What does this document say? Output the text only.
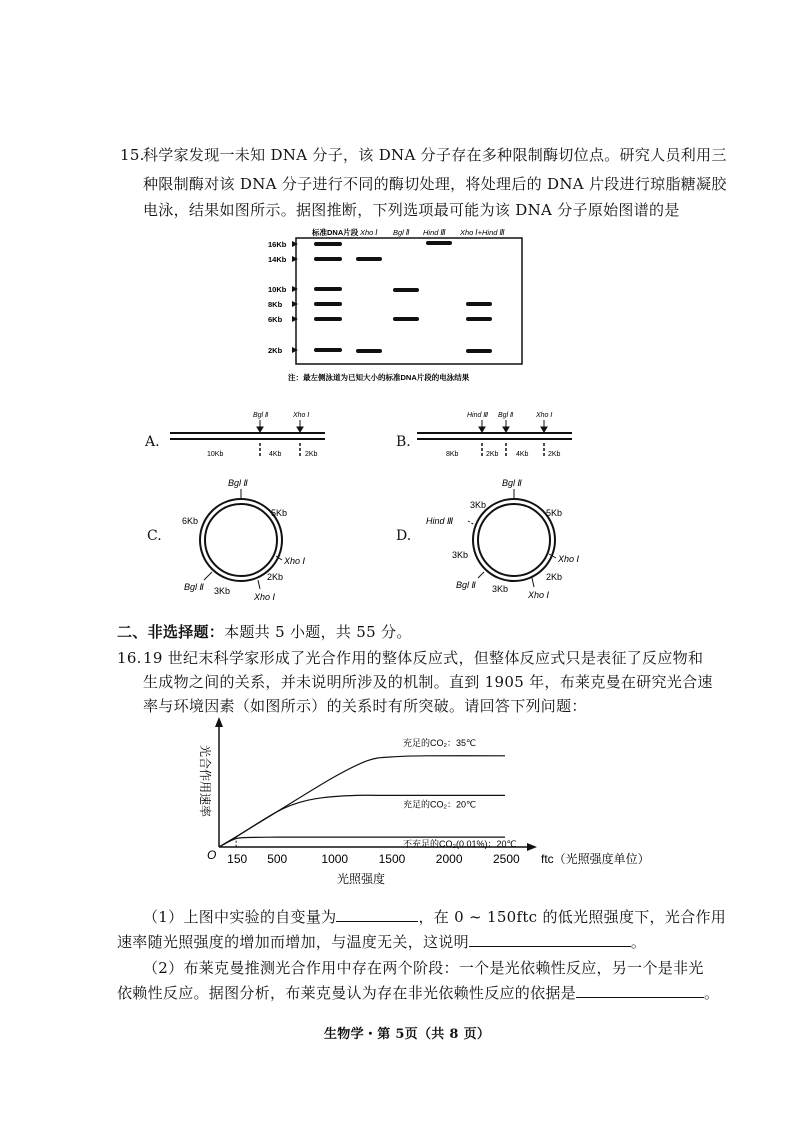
15.
科学家发现一未知 DNA 分子，该 DNA 分子存在多种限制酶切位点。研究人员利用三
种限制酶对该 DNA 分子进行不同的酶切处理，将处理后的 DNA 片段进行琼脂糖凝胶
电泳，结果如图所示。据图推断，下列选项最可能为该 DNA 分子原始图谱的是
标准DNA片段 Xho Ⅰ Bgl Ⅱ Hind Ⅲ Xho Ⅰ+Hind Ⅲ
16Kb
14Kb
10Kb
8Kb
6Kb
2Kb
注：最左侧泳道为已知大小的标准DNA片段的电泳结果
A.
Bgl Ⅱ	Xho Ⅰ
10Kb	4Kb	2Kb
B.
Hind Ⅲ Bgl Ⅱ	Xho Ⅰ
8Kb	2Kb	4Kb	2Kb
C.
Bgl Ⅱ
5Kb
6Kb
Xho Ⅰ
2Kb
Bgl Ⅱ 3Kb
Xho Ⅰ
D.
Bgl Ⅱ
3Kb
5Kb
Hind Ⅲ
3Kb	Xho Ⅰ
2Kb
Bgl Ⅱ 3Kb
Xho Ⅰ
二、非选择题：本题共 5 小题，共 55 分。
16. 19 世纪末科学家形成了光合作用的整体反应式，但整体反应式只是表征了反应物和
生成物之间的关系，并未说明所涉及的机制。直到 1905 年，布莱克曼在研究光合速
率与环境因素（如图所示）的关系时有所突破。请回答下列问题：
光合作用速率
O	ftc（光照强度单位）
光照强度
150 500	1000	1500	2000	2500
充足的CO₂：35℃
充足的CO₂：20℃
不充足的CO₂(0.01%)：20℃
（1）上图中实验的自变量为	，在 0 ~ 150ftc 的低光照强度下，光合作用
速率随光照强度的增加而增加，与温度无关，这说明	。
（2）布莱克曼推测光合作用中存在两个阶段：一个是光依赖性反应，另一个是非光
依赖性反应。据图分析，布莱克曼认为存在非光依赖性反应的依据是	。
生物学・第 5页（共 8 页）
